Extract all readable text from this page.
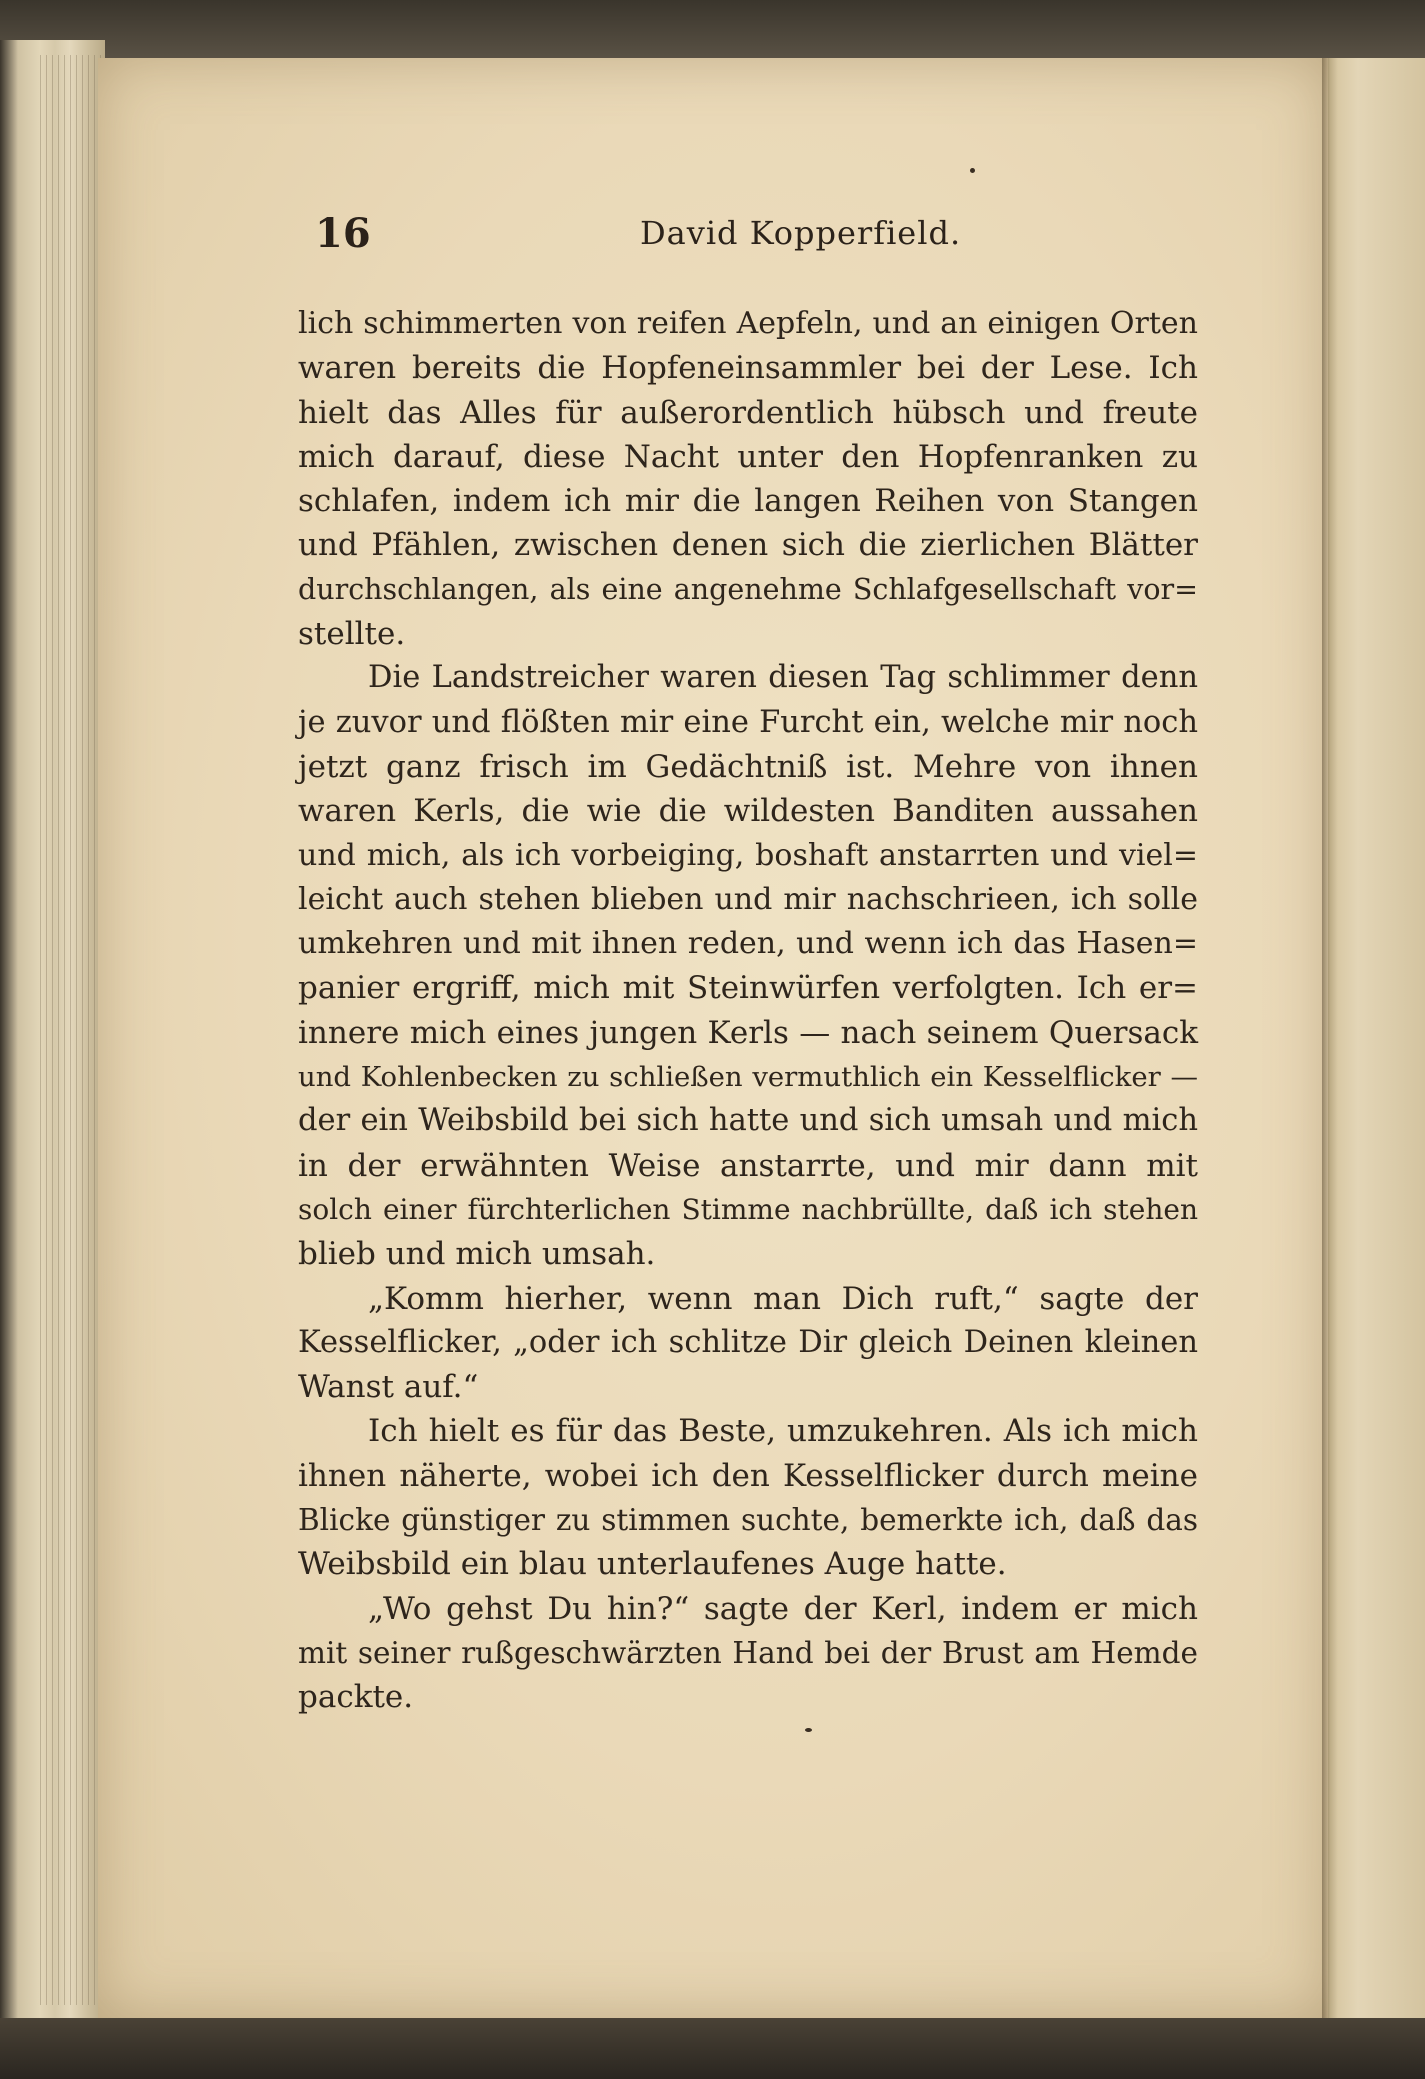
16	David Kopperfield.
lich schimmerten von reifen Aepfeln, und an einigen Orten
waren bereits die Hopfeneinsammler bei der Lese. Ich
hielt das Alles für außerordentlich hübsch und freute
mich darauf, diese Nacht unter den Hopfenranken zu
schlafen, indem ich mir die langen Reihen von Stangen
und Pfählen, zwischen denen sich die zierlichen Blätter
durchschlangen, als eine angenehme Schlafgesellschaft vor=
stellte.
Die Landstreicher waren diesen Tag schlimmer denn
je zuvor und flößten mir eine Furcht ein, welche mir noch
jetzt ganz frisch im Gedächtniß ist. Mehre von ihnen
waren Kerls, die wie die wildesten Banditen aussahen
und mich, als ich vorbeiging, boshaft anstarrten und viel=
leicht auch stehen blieben und mir nachschrieen, ich solle
umkehren und mit ihnen reden, und wenn ich das Hasen=
panier ergriff, mich mit Steinwürfen verfolgten. Ich er=
innere mich eines jungen Kerls — nach seinem Quersack
und Kohlenbecken zu schließen vermuthlich ein Kesselflicker —
der ein Weibsbild bei sich hatte und sich umsah und mich
in der erwähnten Weise anstarrte, und mir dann mit
solch einer fürchterlichen Stimme nachbrüllte, daß ich stehen
blieb und mich umsah.
„Komm hierher, wenn man Dich ruft,“ sagte der
Kesselflicker, „oder ich schlitze Dir gleich Deinen kleinen
Wanst auf.“
Ich hielt es für das Beste, umzukehren. Als ich mich
ihnen näherte, wobei ich den Kesselflicker durch meine
Blicke günstiger zu stimmen suchte, bemerkte ich, daß das
Weibsbild ein blau unterlaufenes Auge hatte.
„Wo gehst Du hin?“ sagte der Kerl, indem er mich
mit seiner rußgeschwärzten Hand bei der Brust am Hemde
packte.
